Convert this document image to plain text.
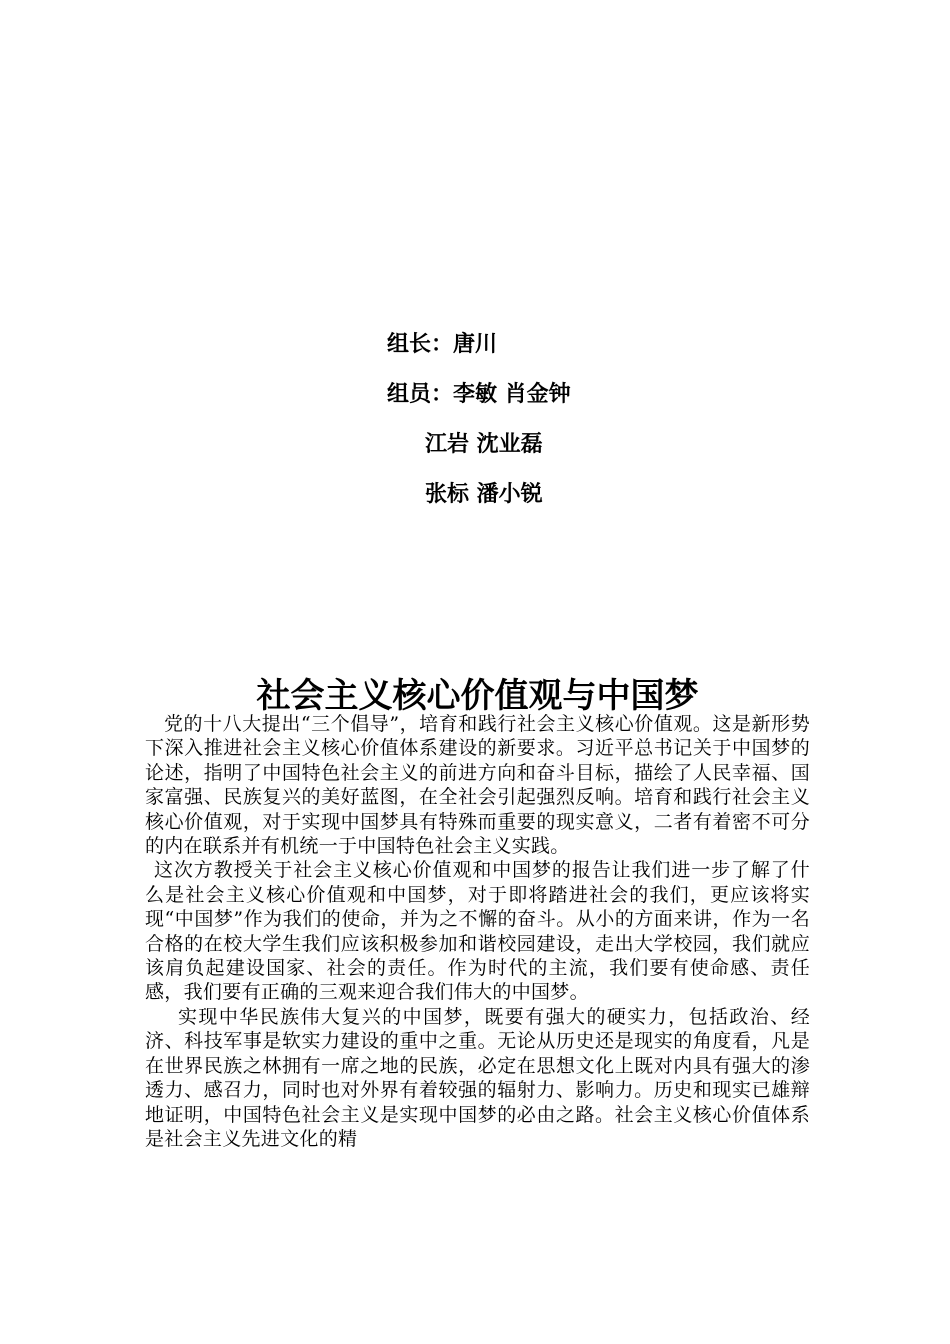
组长：唐川
组员：李敏 肖金钟
江岩 沈业磊
张标 潘小锐
社会主义核心价值观与中国梦

党的十八大提出“三个倡导”，培育和践行社会主义核心价值观。这是新形势下深入推进社会主义核心价值体系建设的新要求。习近平总书记关于中国梦的论述，指明了中国特色社会主义的前进方向和奋斗目标，描绘了人民幸福、国家富强、民族复兴的美好蓝图，在全社会引起强烈反响。培育和践行社会主义核心价值观，对于实现中国梦具有特殊而重要的现实意义，二者有着密不可分的内在联系并有机统一于中国特色社会主义实践。

这次方教授关于社会主义核心价值观和中国梦的报告让我们进一步了解了什么是社会主义核心价值观和中国梦，对于即将踏进社会的我们，更应该将实现“中国梦”作为我们的使命，并为之不懈的奋斗。从小的方面来讲，作为一名合格的在校大学生我们应该积极参加和谐校园建设，走出大学校园，我们就应该肩负起建设国家、社会的责任。作为时代的主流，我们要有使命感、责任感，我们要有正确的三观来迎合我们伟大的中国梦。

实现中华民族伟大复兴的中国梦，既要有强大的硬实力，包括政治、经济、科技军事是软实力建设的重中之重。无论从历史还是现实的角度看，凡是在世界民族之林拥有一席之地的民族，必定在思想文化上既对内具有强大的渗透力、感召力，同时也对外界有着较强的辐射力、影响力。历史和现实已雄辩地证明，中国特色社会主义是实现中国梦的必由之路。社会主义核心价值体系是社会主义先进文化的精
